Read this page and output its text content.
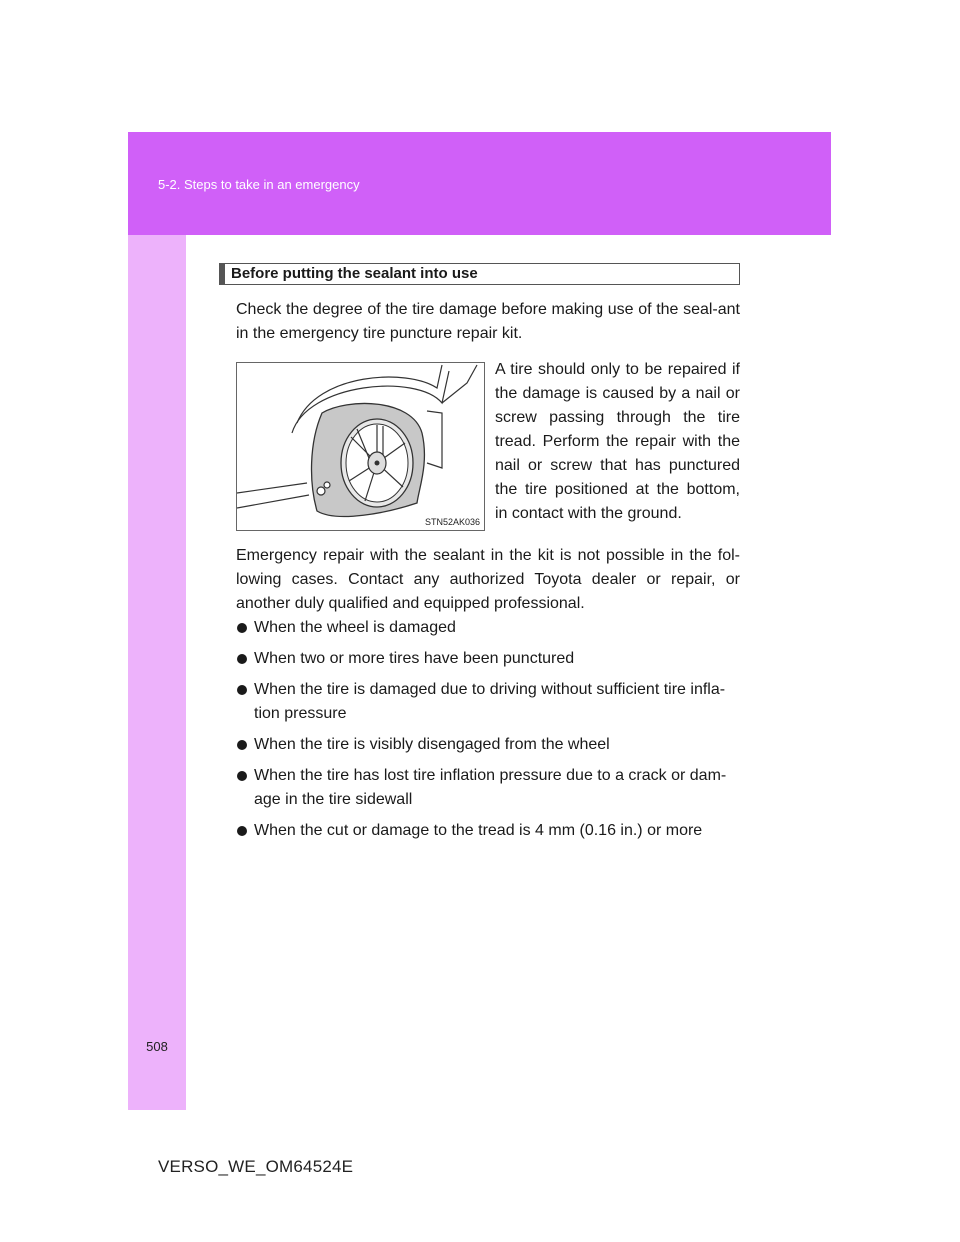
5-2. Steps to take in an emergency
508
VERSO_WE_OM64524E
Before putting the sealant into use

Check the degree of the tire damage before making use of the seal-ant in the emergency tire puncture repair kit.

STN52AK036

A tire should only to be repaired if the damage is caused by a nail or screw passing through the tire tread. Perform the repair with the nail or screw that has punctured the tire positioned at the bottom, in contact with the ground.

Emergency repair with the sealant in the kit is not possible in the fol-lowing cases. Contact any authorized Toyota dealer or repair, or another duly qualified and equipped professional.

When the wheel is damaged
When two or more tires have been punctured
When the tire is damaged due to driving without sufficient tire infla-tion pressure
When the tire is visibly disengaged from the wheel
When the tire has lost tire inflation pressure due to a crack or dam-age in the tire sidewall
When the cut or damage to the tread is 4 mm (0.16 in.) or more
